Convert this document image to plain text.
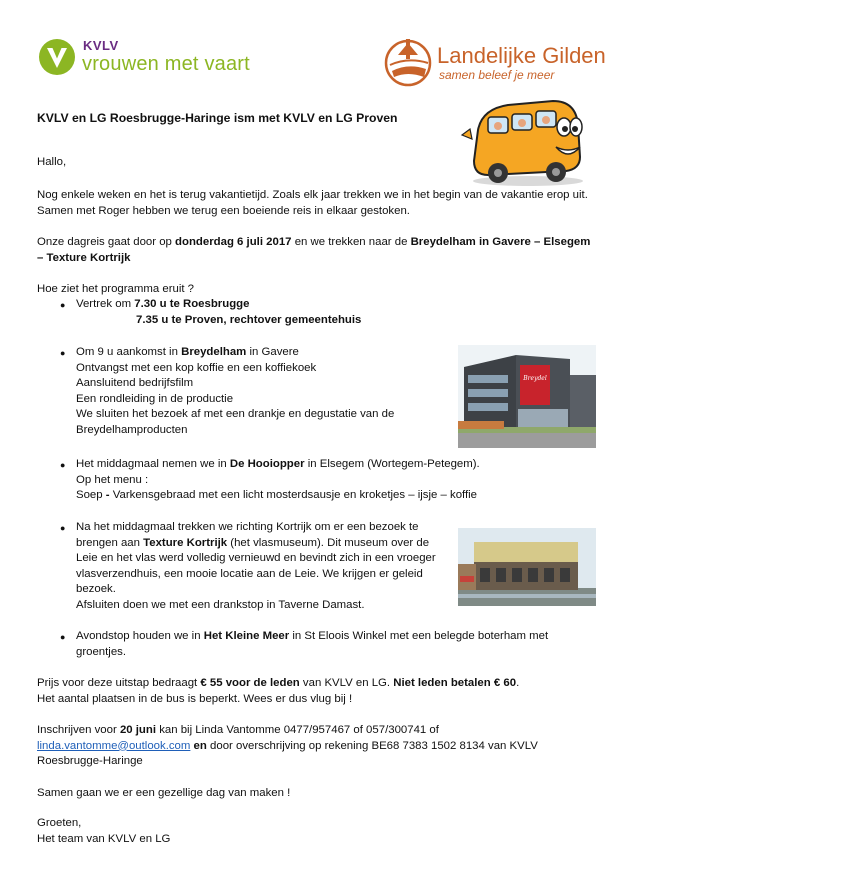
KVLV
vrouwen met vaart	Landelijke Gilden
samen beleef je meer
KVLV en LG Roesbrugge-Haringe ism met KVLV en LG Proven

Hallo,

Nog enkele weken en het is terug vakantietijd. Zoals elk jaar trekken we in het begin van de vakantie erop uit. Samen met Roger hebben we terug een boeiende reis in elkaar gestoken.

Onze dagreis gaat door op donderdag 6 juli 2017 en we trekken naar de Breydelham in Gavere – Elsegem
– Texture Kortrijk

Hoe ziet het programma eruit ?

● Vertrek om 7.30 u te Roesbrugge

7.35 u te Proven, rechtover gemeentehuis

● Om 9 u aankomst in Breydelham in Gavere

Ontvangst met een kop koffie en een koffiekoek

Aansluitend bedrijfsfilm

Een rondleiding in de productie

We sluiten het bezoek af met een drankje en degustatie van de

Breydelhamproducten

Breydel
● Het middagmaal nemen we in De Hooiopper in Elsegem (Wortegem-Petegem).

Op het menu :

Soep - Varkensgebraad met een licht mosterdsausje en kroketjes – ijsje – koffie

● Na het middagmaal trekken we richting Kortrijk om er een bezoek te

brengen aan Texture Kortrijk (het vlasmuseum). Dit museum over de

Leie en het vlas werd volledig vernieuwd en bevindt zich in een vroeger

vlasverzendhuis, een mooie locatie aan de Leie. We krijgen er geleid

bezoek.

Afsluiten doen we met een drankstop in Taverne Damast.

● Avondstop houden we in Het Kleine Meer in St Eloois Winkel met een belegde boterham met

groentjes.

Prijs voor deze uitstap bedraagt € 55 voor de leden van KVLV en LG. Niet leden betalen € 60.

Het aantal plaatsen in de bus is beperkt. Wees er dus vlug bij !

Inschrijven voor 20 juni kan bij Linda Vantomme 0477/957467 of 057/300741 of

linda.vantomme@outlook.com en door overschrijving op rekening BE68 7383 1502 8134 van KVLV

Roesbrugge-Haringe

Samen gaan we er een gezellige dag van maken !

Groeten,

Het team van KVLV en LG
